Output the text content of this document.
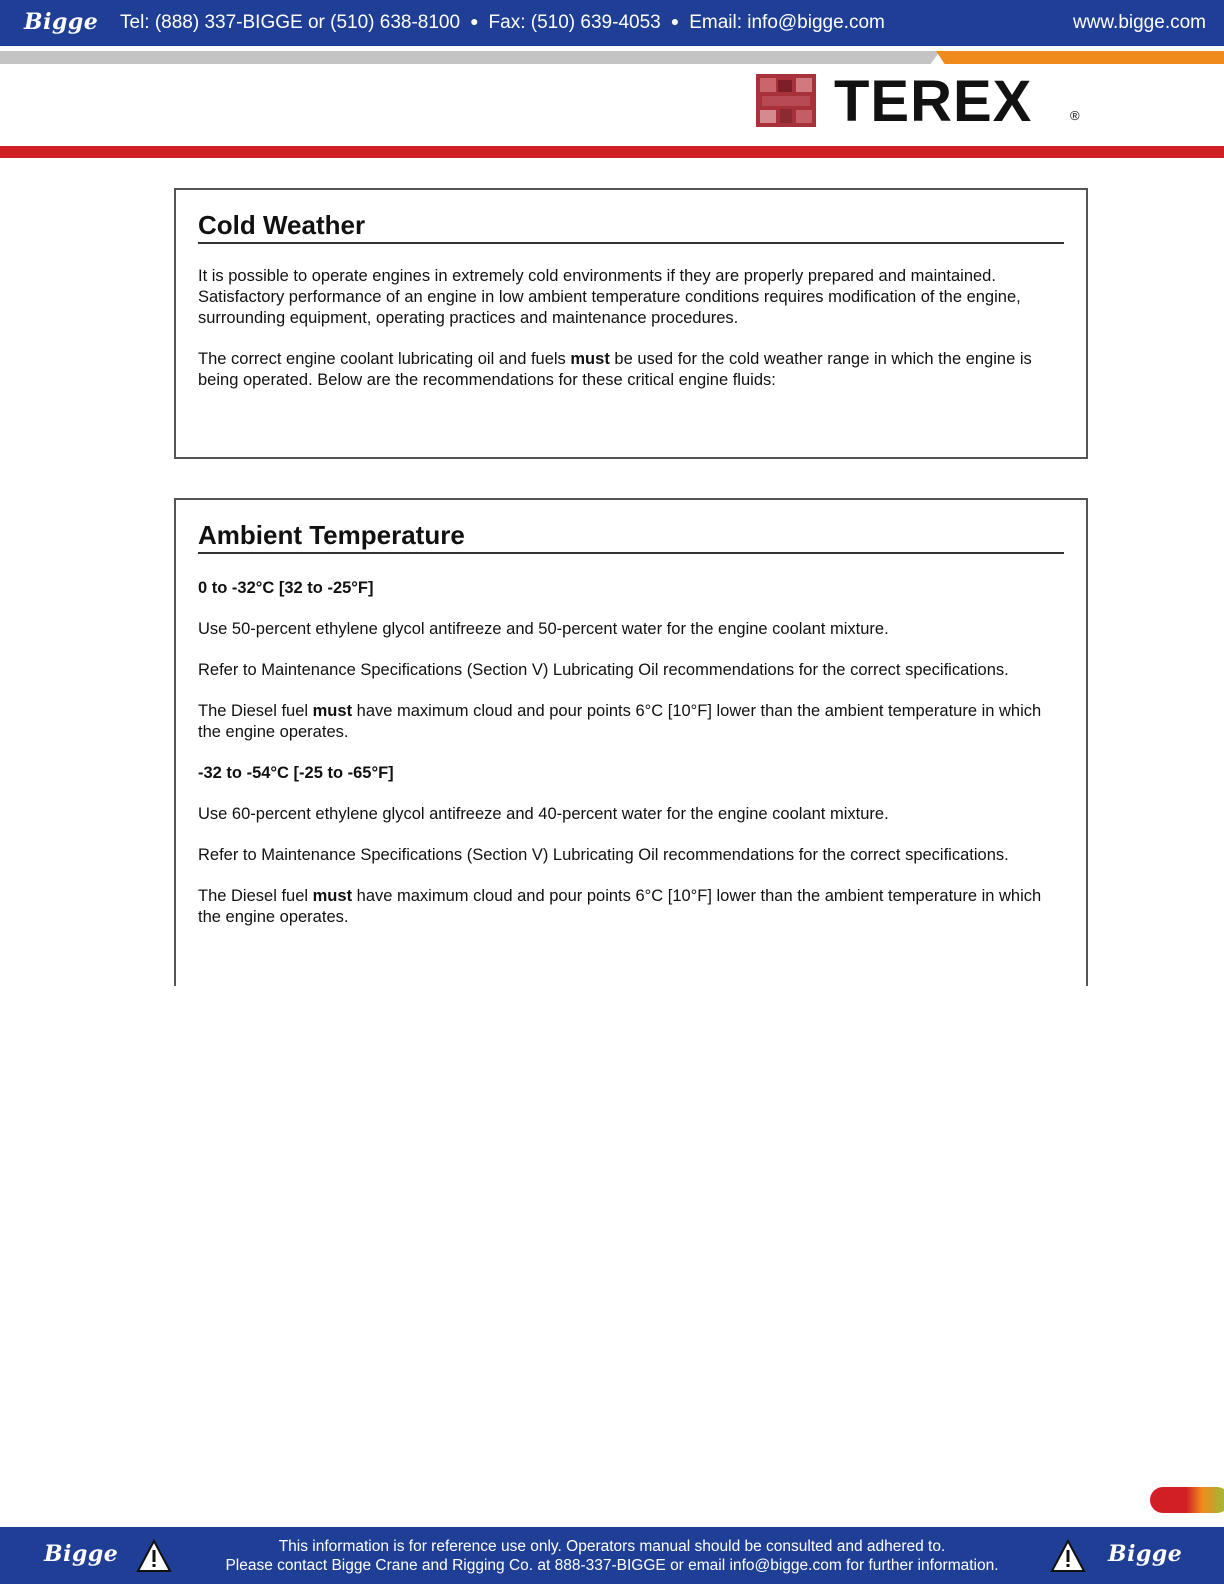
Bigge Tel: (888) 337-BIGGE or (510) 638-8100 ● Fax: (510) 639-4053 ● Email: info@bigge.com	www.bigge.com
TEREX	®
Cold Weather

It is possible to operate engines in extremely cold environments if they are properly prepared and maintained. Satisfactory performance of an engine in low ambient temperature conditions requires modification of the engine, surrounding equipment, operating practices and maintenance procedures.

The correct engine coolant lubricating oil and fuels must be used for the cold weather range in which the engine is being operated. Below are the recommendations for these critical engine fluids:

Ambient Temperature

0 to -32°C [32 to -25°F]

Use 50-percent ethylene glycol antifreeze and 50-percent water for the engine coolant mixture.

Refer to Maintenance Specifications (Section V) Lubricating Oil recommendations for the correct specifications.

The Diesel fuel must have maximum cloud and pour points 6°C [10°F] lower than the ambient temperature in which the engine operates.

-32 to -54°C [-25 to -65°F]

Use 60-percent ethylene glycol antifreeze and 40-percent water for the engine coolant mixture.

Refer to Maintenance Specifications (Section V) Lubricating Oil recommendations for the correct specifications.

The Diesel fuel must have maximum cloud and pour points 6°C [10°F] lower than the ambient temperature in which the engine operates.

Bigge	This information is for reference use only. Operators manual should be consulted and adhered to.
Please contact Bigge Crane and Rigging Co. at 888-337-BIGGE or email info@bigge.com for further information.	Bigge
